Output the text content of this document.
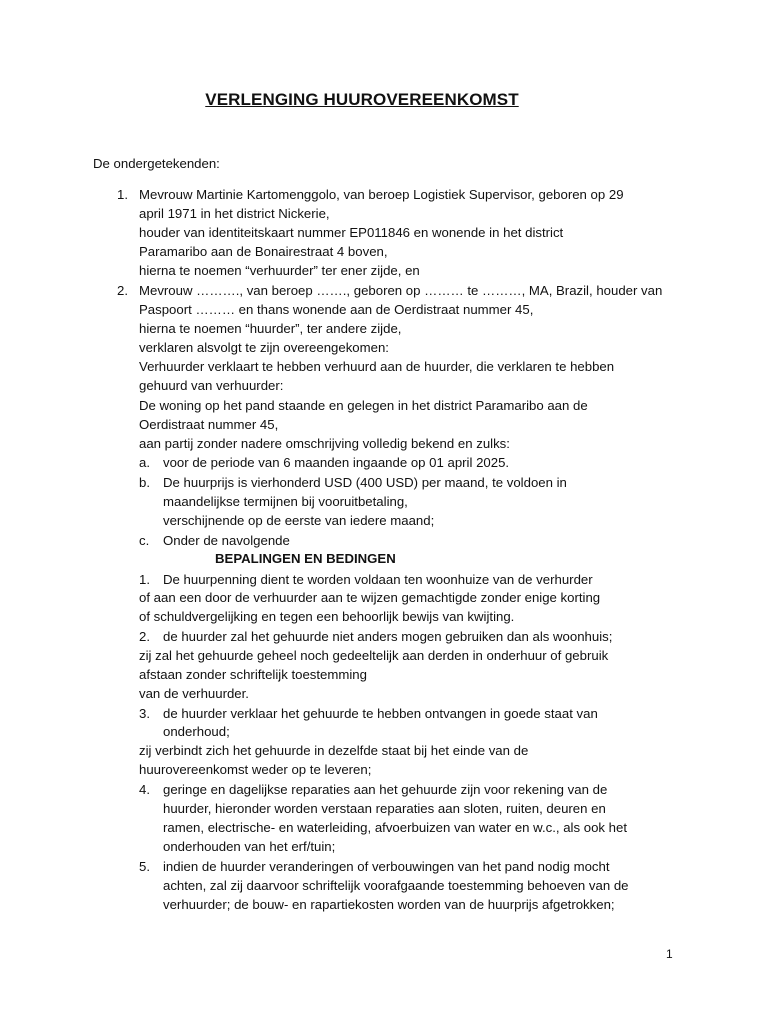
VERLENGING HUUROVEREENKOMST
De ondergetekenden:
1. Mevrouw Martinie Kartomenggolo, van beroep Logistiek Supervisor, geboren op 29
april 1971 in het district Nickerie,
houder van identiteitskaart nummer EP011846 en wonende in het district
Paramaribo aan de Bonairestraat 4 boven,
hierna te noemen “verhuurder” ter ener zijde, en
2. Mevrouw ………., van beroep ……., geboren op ……… te ………, MA, Brazil, houder van
Paspoort ……… en thans wonende aan de Oerdistraat nummer 45,
hierna te noemen “huurder”, ter andere zijde,
verklaren alsvolgt te zijn overeengekomen:
Verhuurder verklaart te hebben verhuurd aan de huurder, die verklaren te hebben
gehuurd van verhuurder:
De woning op het pand staande en gelegen in het district Paramaribo aan de
Oerdistraat nummer 45,
aan partij zonder nadere omschrijving volledig bekend en zulks:
a. voor de periode van 6 maanden ingaande op 01 april 2025.
b. De huurprijs is vierhonderd USD (400 USD) per maand, te voldoen in
maandelijkse termijnen bij vooruitbetaling,
verschijnende op de eerste van iedere maand;
c. Onder de navolgende
BEPALINGEN EN BEDINGEN
1. De huurpenning dient te worden voldaan ten woonhuize van de verhurder
of aan een door de verhuurder aan te wijzen gemachtigde zonder enige korting
of schuldvergelijking en tegen een behoorlijk bewijs van kwijting.
2. de huurder zal het gehuurde niet anders mogen gebruiken dan als woonhuis;
zij zal het gehuurde geheel noch gedeeltelijk aan derden in onderhuur of gebruik
afstaan zonder schriftelijk toestemming
van de verhuurder.
3. de huurder verklaar het gehuurde te hebben ontvangen in goede staat van
onderhoud;
zij verbindt zich het gehuurde in dezelfde staat bij het einde van de
huurovereenkomst weder op te leveren;
4. geringe en dagelijkse reparaties aan het gehuurde zijn voor rekening van de
huurder, hieronder worden verstaan reparaties aan sloten, ruiten, deuren en
ramen, electrische- en waterleiding, afvoerbuizen van water en w.c., als ook het
onderhouden van het erf/tuin;
5. indien de huurder veranderingen of verbouwingen van het pand nodig mocht
achten, zal zij daarvoor schriftelijk voorafgaande toestemming behoeven van de
verhuurder; de bouw- en rapartiekosten worden van de huurprijs afgetrokken;
1
